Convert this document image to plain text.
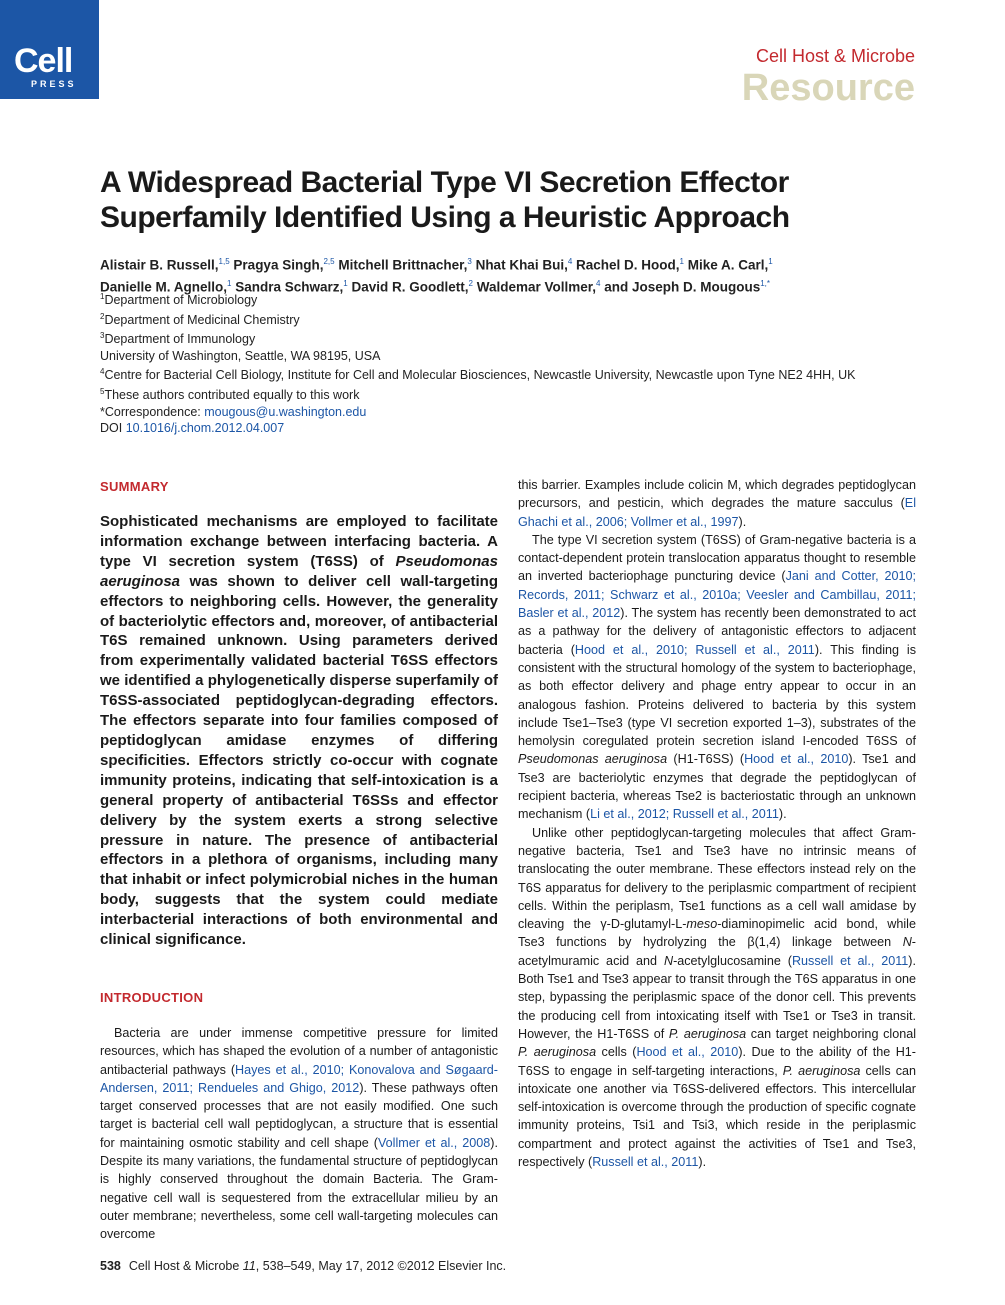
Cell
PRESS
Cell Host & Microbe
Resource
A Widespread Bacterial Type VI Secretion Effector
Superfamily Identified Using a Heuristic Approach
Alistair B. Russell,$^{1,5}$ Pragya Singh,$^{2,5}$ Mitchell Brittnacher,$^3$ Nhat Khai Bui,$^4$ Rachel D. Hood,$^1$ Mike A. Carl,$^1$
Danielle M. Agnello,$^1$ Sandra Schwarz,$^1$ David R. Goodlett,$^2$ Waldemar Vollmer,$^4$ and Joseph D. Mougous$^{1,*}$
$^1$Department of Microbiology
$^2$Department of Medicinal Chemistry
$^3$Department of Immunology
University of Washington, Seattle, WA 98195, USA
$^4$Centre for Bacterial Cell Biology, Institute for Cell and Molecular Biosciences, Newcastle University, Newcastle upon Tyne NE2 4HH, UK
$^5$These authors contributed equally to this work
*Correspondence: mougous@u.washington.edu
DOI 10.1016/j.chom.2012.04.007
SUMMARY
Sophisticated mechanisms are employed to facilitate information exchange between interfacing bacteria. A type VI secretion system (T6SS) of Pseudomonas aeruginosa was shown to deliver cell wall-targeting effectors to neighboring cells. However, the generality of bacteriolytic effectors and, moreover, of antibacterial T6S remained unknown. Using parameters derived from experimentally validated bacterial T6SS effectors we identified a phylogenetically disperse superfamily of T6SS-associated peptidoglycan-degrading effectors. The effectors separate into four families composed of peptidoglycan amidase enzymes of differing specificities. Effectors strictly co-occur with cognate immunity proteins, indicating that self-intoxication is a general property of antibacterial T6SSs and effector delivery by the system exerts a strong selective pressure in nature. The presence of antibacterial effectors in a plethora of organisms, including many that inhabit or infect polymicrobial niches in the human body, suggests that the system could mediate interbacterial interactions of both environmental and clinical significance.
INTRODUCTION

Bacteria are under immense competitive pressure for limited resources, which has shaped the evolution of a number of antagonistic antibacterial pathways (Hayes et al., 2010; Konovalova and Søgaard-Andersen, 2011; Rendueles and Ghigo, 2012). These pathways often target conserved processes that are not easily modified. One such target is bacterial cell wall peptidoglycan, a structure that is essential for maintaining osmotic stability and cell shape (Vollmer et al., 2008). Despite its many variations, the fundamental structure of peptidoglycan is highly conserved throughout the domain Bacteria. The Gram-negative cell wall is sequestered from the extracellular milieu by an outer membrane; nevertheless, some cell wall-targeting molecules can overcome

this barrier. Examples include colicin M, which degrades peptidoglycan precursors, and pesticin, which degrades the mature sacculus (El Ghachi et al., 2006; Vollmer et al., 1997).

The type VI secretion system (T6SS) of Gram-negative bacteria is a contact-dependent protein translocation apparatus thought to resemble an inverted bacteriophage puncturing device (Jani and Cotter, 2010; Records, 2011; Schwarz et al., 2010a; Veesler and Cambillau, 2011; Basler et al., 2012). The system has recently been demonstrated to act as a pathway for the delivery of antagonistic effectors to adjacent bacteria (Hood et al., 2010; Russell et al., 2011). This finding is consistent with the structural homology of the system to bacteriophage, as both effector delivery and phage entry appear to occur in an analogous fashion. Proteins delivered to bacteria by this system include Tse1–Tse3 (type VI secretion exported 1–3), substrates of the hemolysin coregulated protein secretion island I-encoded T6SS of Pseudomonas aeruginosa (H1-T6SS) (Hood et al., 2010). Tse1 and Tse3 are bacteriolytic enzymes that degrade the peptidoglycan of recipient bacteria, whereas Tse2 is bacteriostatic through an unknown mechanism (Li et al., 2012; Russell et al., 2011).

Unlike other peptidoglycan-targeting molecules that affect Gram-negative bacteria, Tse1 and Tse3 have no intrinsic means of translocating the outer membrane. These effectors instead rely on the T6S apparatus for delivery to the periplasmic compartment of recipient cells. Within the periplasm, Tse1 functions as a cell wall amidase by cleaving the γ-D-glutamyl-L-meso-diaminopimelic acid bond, while Tse3 functions by hydrolyzing the β(1,4) linkage between N-acetylmuramic acid and N-acetylglucosamine (Russell et al., 2011). Both Tse1 and Tse3 appear to transit through the T6S apparatus in one step, bypassing the periplasmic space of the donor cell. This prevents the producing cell from intoxicating itself with Tse1 or Tse3 in transit. However, the H1-T6SS of P. aeruginosa can target neighboring clonal P. aeruginosa cells (Hood et al., 2010). Due to the ability of the H1-T6SS to engage in self-targeting interactions, P. aeruginosa cells can intoxicate one another via T6SS-delivered effectors. This intercellular self-intoxication is overcome through the production of specific cognate immunity proteins, Tsi1 and Tsi3, which reside in the periplasmic compartment and protect against the activities of Tse1 and Tse3, respectively (Russell et al., 2011).

538 Cell Host & Microbe 11, 538–549, May 17, 2012 ©2012 Elsevier Inc.
